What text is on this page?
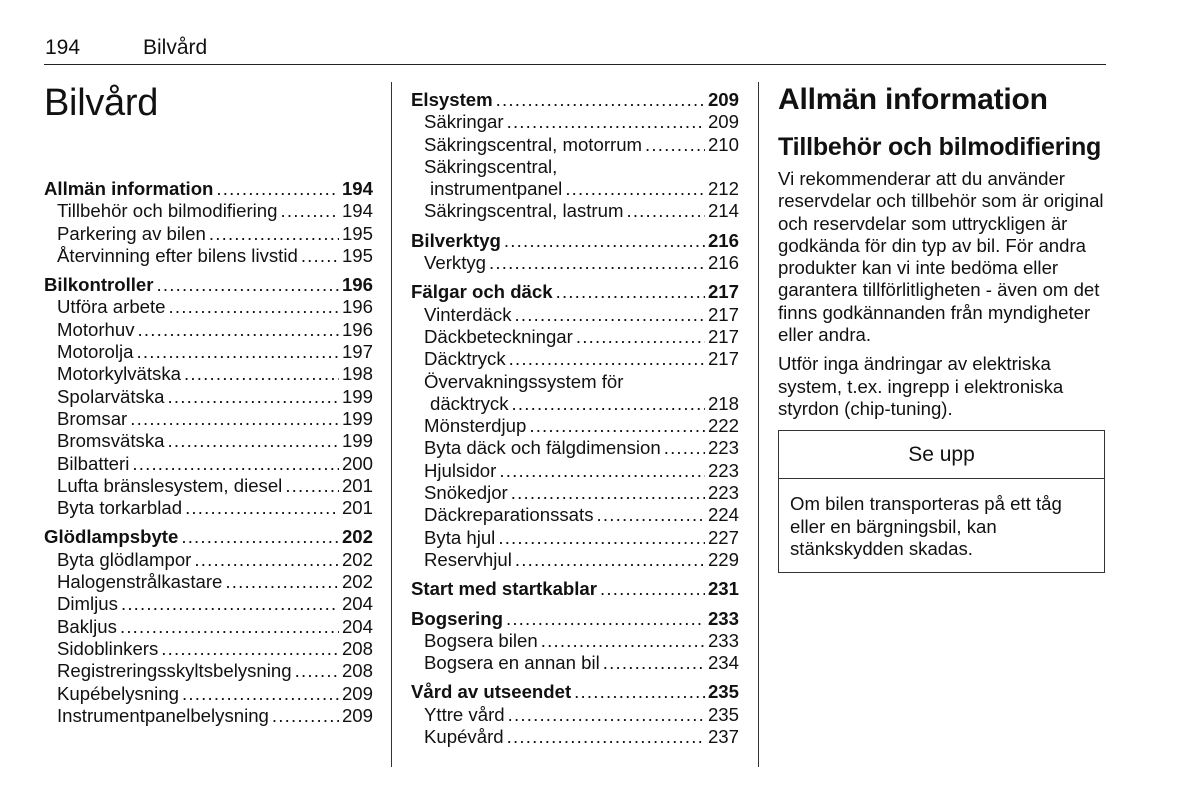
194	Bilvård
Bilvård
Allmän information .....	194
Tillbehör och bilmodifiering .....	194
Parkering av bilen .....	195
Återvinning efter bilens livstid ..... 195
Bilkontroller .....	196
Utföra arbete .....	196
Motorhuv .....	196
Motorolja .....	197
Motorkylvätska .....	198
Spolarvätska .....	199
Bromsar .....	199
Bromsvätska .....	199
Bilbatteri .....	200
Lufta bränslesystem, diesel .....	201
Byta torkarblad .....	201
Glödlampsbyte .....	202
Byta glödlampor .....	202
Halogenstrålkastare .....	202
Dimljus .....	204
Bakljus .....	204
Sidoblinkers .....	208
Registreringsskyltsbelysning .....	208
Kupébelysning .....	209
Instrumentpanelbelysning .....	209
Elsystem .....	209
Säkringar .....	209
Säkringscentral, motorrum .....	210
Säkringscentral,
instrumentpanel .....	212
Säkringscentral, lastrum .....	214
Bilverktyg .....	216
Verktyg .....	216
Fälgar och däck .....	217
Vinterdäck .....	217
Däckbeteckningar .....	217
Däcktryck .....	217
Övervakningssystem för
däcktryck .....	218
Mönsterdjup .....	222
Byta däck och fälgdimension .....	223
Hjulsidor .....	223
Snökedjor .....	223
Däckreparationssats .....	224
Byta hjul .....	227
Reservhjul .....	229
Start med startkablar .....	231
Bogsering .....	233
Bogsera bilen .....	233
Bogsera en annan bil .....	234
Vård av utseendet .....	235
Yttre vård .....	235
Kupévård .....	237
Allmän information
Tillbehör och bilmodifiering

Vi rekommenderar att du använder reservdelar och tillbehör som är original och reservdelar som uttryckligen är godkända för din typ av bil. För andra produkter kan vi inte bedöma eller garantera tillförlitligheten - även om det finns godkännanden från myndigheter eller andra.

Utför inga ändringar av elektriska system, t.ex. ingrepp i elektroniska styrdon (chip-tuning).

Se upp
Om bilen transporteras på ett tåg eller en bärgningsbil, kan stänkskydden skadas.
